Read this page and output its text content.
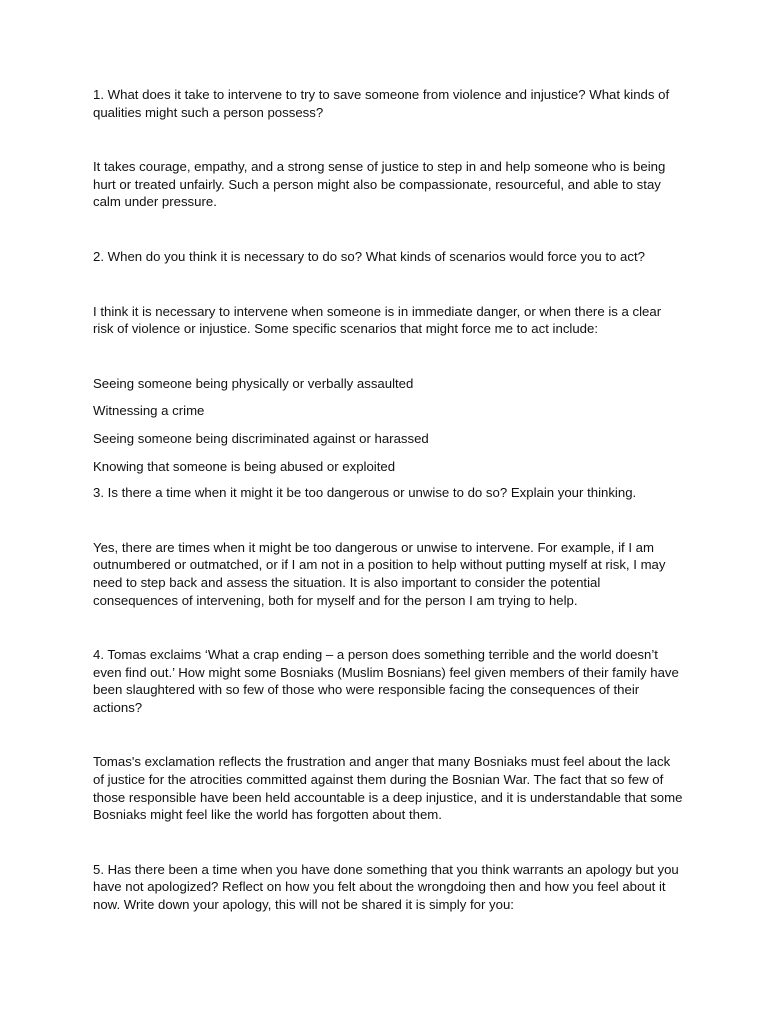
1. What does it take to intervene to try to save someone from violence and injustice? What kinds of qualities might such a person possess?

It takes courage, empathy, and a strong sense of justice to step in and help someone who is being hurt or treated unfairly. Such a person might also be compassionate, resourceful, and able to stay calm under pressure.

2. When do you think it is necessary to do so? What kinds of scenarios would force you to act?

I think it is necessary to intervene when someone is in immediate danger, or when there is a clear risk of violence or injustice. Some specific scenarios that might force me to act include:

Seeing someone being physically or verbally assaulted

Witnessing a crime

Seeing someone being discriminated against or harassed

Knowing that someone is being abused or exploited

3. Is there a time when it might it be too dangerous or unwise to do so? Explain your thinking.

Yes, there are times when it might be too dangerous or unwise to intervene. For example, if I am outnumbered or outmatched, or if I am not in a position to help without putting myself at risk, I may need to step back and assess the situation. It is also important to consider the potential consequences of intervening, both for myself and for the person I am trying to help.

4. Tomas exclaims ‘What a crap ending – a person does something terrible and the world doesn’t even find out.’ How might some Bosniaks (Muslim Bosnians) feel given members of their family have been slaughtered with so few of those who were responsible facing the consequences of their actions?

Tomas's exclamation reflects the frustration and anger that many Bosniaks must feel about the lack of justice for the atrocities committed against them during the Bosnian War. The fact that so few of those responsible have been held accountable is a deep injustice, and it is understandable that some Bosniaks might feel like the world has forgotten about them.

5. Has there been a time when you have done something that you think warrants an apology but you have not apologized? Reflect on how you felt about the wrongdoing then and how you feel about it now. Write down your apology, this will not be shared it is simply for you:
